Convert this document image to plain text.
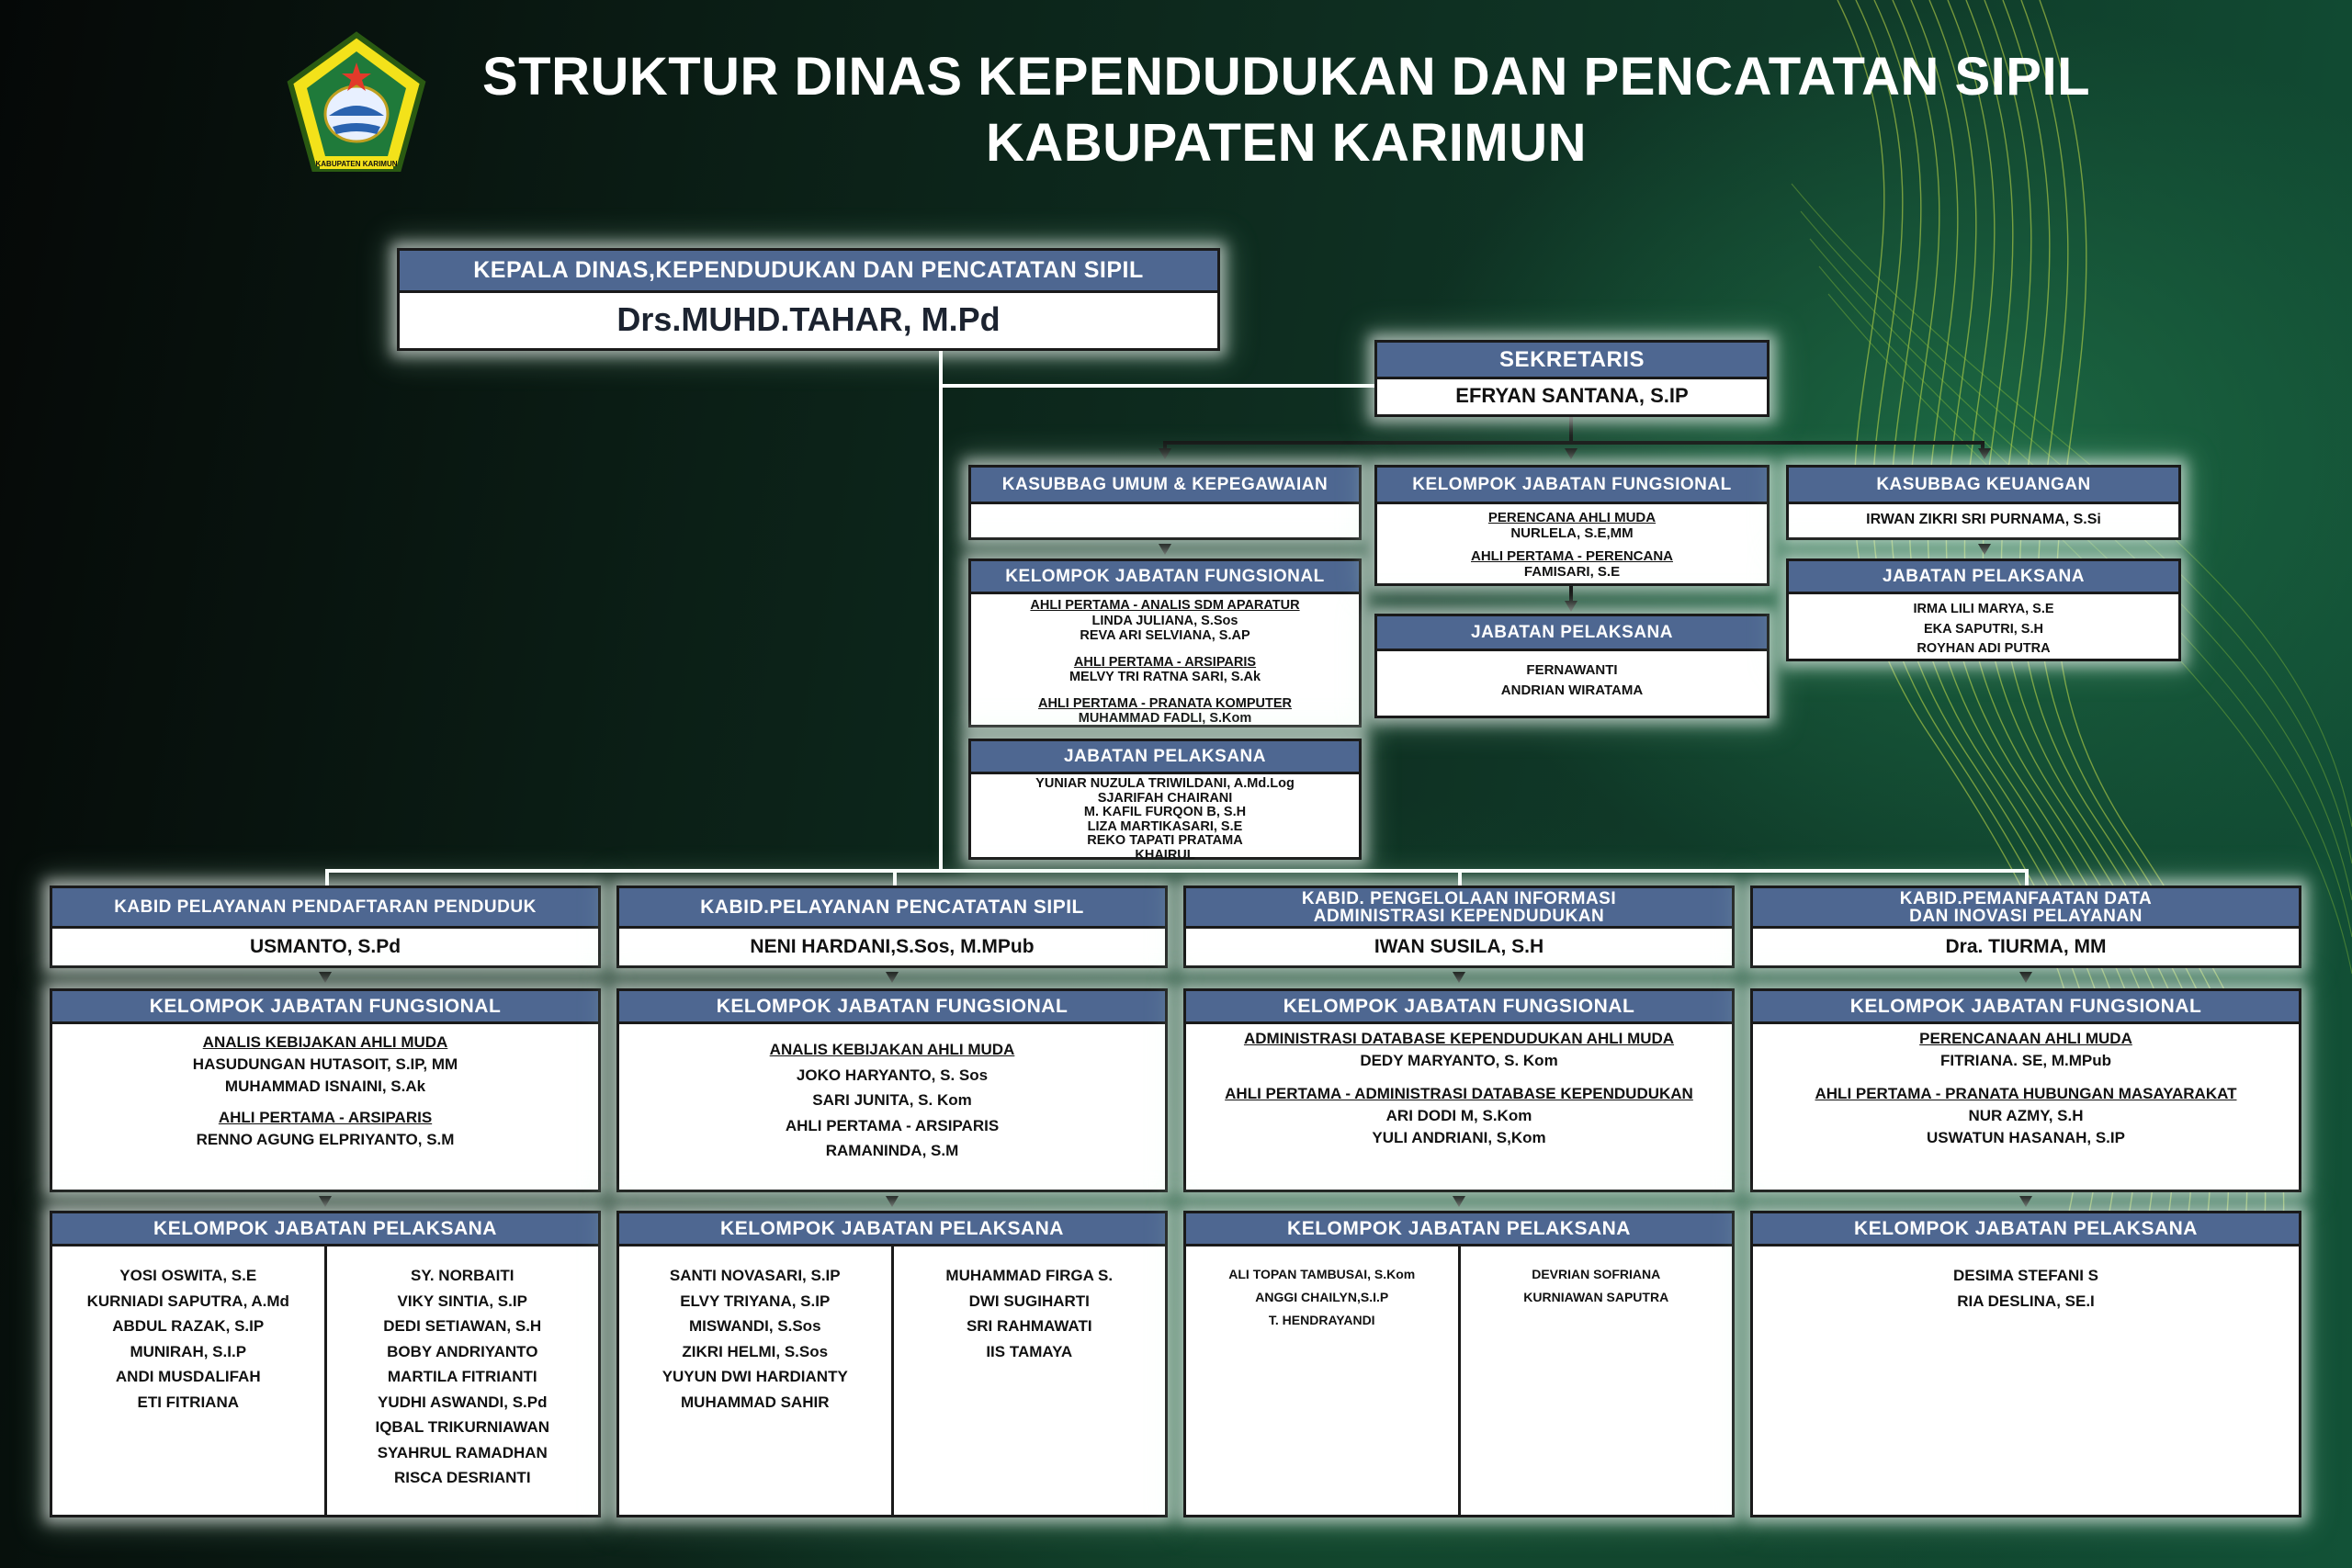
KABUPATEN KARIMUN
STRUKTUR DINAS KEPENDUDUKAN DAN PENCATATAN SIPIL
KABUPATEN KARIMUN
KEPALA DINAS,KEPENDUDUKAN DAN PENCATATAN SIPIL
Drs.MUHD.TAHAR, M.Pd
SEKRETARIS
EFRYAN SANTANA, S.IP
KASUBBAG UMUM & KEPEGAWAIAN
KELOMPOK JABATAN FUNGSIONAL
AHLI PERTAMA - ANALIS SDM APARATUR
LINDA JULIANA, S.Sos
REVA ARI SELVIANA, S.AP
AHLI PERTAMA - ARSIPARIS
MELVY TRI RATNA SARI, S.Ak
AHLI PERTAMA - PRANATA KOMPUTER
MUHAMMAD FADLI, S.Kom
JABATAN PELAKSANA
YUNIAR NUZULA TRIWILDANI, A.Md.Log
SJARIFAH CHAIRANI
M. KAFIL FURQON B, S.H
LIZA MARTIKASARI, S.E
REKO TAPATI PRATAMA
KHAIRUL
KELOMPOK JABATAN FUNGSIONAL
PERENCANA AHLI MUDA
NURLELA, S.E,MM
AHLI PERTAMA - PERENCANA
FAMISARI, S.E
JABATAN PELAKSANA
FERNAWANTI
ANDRIAN WIRATAMA
KASUBBAG KEUANGAN
IRWAN ZIKRI SRI PURNAMA, S.Si
JABATAN PELAKSANA
IRMA LILI MARYA, S.E
EKA SAPUTRI, S.H
ROYHAN ADI PUTRA
KABID PELAYANAN PENDAFTARAN PENDUDUK
USMANTO, S.Pd
KABID.PELAYANAN PENCATATAN SIPIL
NENI HARDANI,S.Sos, M.MPub
KABID. PENGELOLAAN INFORMASI ADMINISTRASI KEPENDUDUKAN
IWAN SUSILA, S.H
KABID.PEMANFAATAN DATA DAN INOVASI PELAYANAN
Dra. TIURMA, MM
KELOMPOK JABATAN FUNGSIONAL
ANALIS KEBIJAKAN AHLI MUDA
HASUDUNGAN HUTASOIT, S.IP, MM
MUHAMMAD ISNAINI, S.Ak
AHLI PERTAMA - ARSIPARIS
RENNO AGUNG ELPRIYANTO, S.M
KELOMPOK JABATAN FUNGSIONAL
ANALIS KEBIJAKAN AHLI MUDA
JOKO HARYANTO, S. Sos
SARI JUNITA, S. Kom
AHLI PERTAMA - ARSIPARIS
RAMANINDA, S.M
KELOMPOK JABATAN FUNGSIONAL
ADMINISTRASI DATABASE KEPENDUDUKAN AHLI MUDA
DEDY MARYANTO, S. Kom
AHLI PERTAMA - ADMINISTRASI DATABASE KEPENDUDUKAN
ARI DODI M, S.Kom
YULI ANDRIANI, S,Kom
KELOMPOK JABATAN FUNGSIONAL
PERENCANAAN AHLI MUDA
FITRIANA. SE, M.MPub
AHLI PERTAMA - PRANATA HUBUNGAN MASAYARAKAT
NUR AZMY, S.H
USWATUN HASANAH, S.IP
KELOMPOK JABATAN PELAKSANA
YOSI OSWITA, S.E
KURNIADI SAPUTRA, A.Md
ABDUL RAZAK, S.IP
MUNIRAH, S.I.P
ANDI MUSDALIFAH
ETI FITRIANA
SY. NORBAITI
VIKY SINTIA, S.IP
DEDI SETIAWAN, S.H
BOBY ANDRIYANTO
MARTILA FITRIANTI
YUDHI ASWANDI, S.Pd
IQBAL TRIKURNIAWAN
SYAHRUL RAMADHAN
RISCA DESRIANTI
KELOMPOK JABATAN PELAKSANA
SANTI NOVASARI, S.IP
ELVY TRIYANA, S.IP
MISWANDI, S.Sos
ZIKRI HELMI, S.Sos
YUYUN DWI HARDIANTY
MUHAMMAD SAHIR
MUHAMMAD FIRGA S.
DWI SUGIHARTI
SRI RAHMAWATI
IIS TAMAYA
KELOMPOK JABATAN PELAKSANA
ALI TOPAN TAMBUSAI, S.Kom
ANGGI CHAILYN,S.I.P
T. HENDRAYANDI
DEVRIAN SOFRIANA
KURNIAWAN SAPUTRA
KELOMPOK JABATAN PELAKSANA
DESIMA STEFANI S
RIA DESLINA, SE.I
